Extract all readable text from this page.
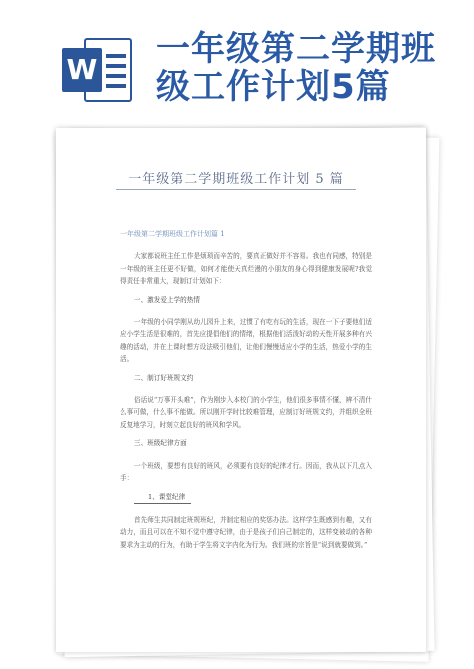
W
一年级第二学期班级工作计划5篇
一年级第二学期班级工作计划 5 篇

一年级第二学期班级工作计划篇 1

大家都说班主任工作是烦琐而辛苦的，要真正做好并不容易。我也有同感，特别是一年级的班主任更不好做，如何才能使天真烂漫的小朋友的身心得到健康发展呢?我觉得责任非常重大，现制订计划如下：

一、激发爱上学的热情

一年级的小同学刚从幼儿园升上来，过惯了有吃有玩的生活，现在一下子要他们适应小学生活是很难的，首先应提倡他们的情绪，根据他们活泼好动的天性开展多种有兴趣的活动，并在上课时想方设法吸引他们，让他们慢慢适应小学的生活，热爱小学的生活。

二、制订好班规文约

俗话说“万事开头难”，作为刚步入本校门的小学生，他们很多事情不懂，辨不清什么事可做，什么事不能做。所以刚开学时比较难管理，应制订好班规文约，并组织全班反复地学习，时刻立起良好的班风和学风。

三、班级纪律方面

一个班级，要想有良好的班风，必须要有良好的纪律才行。因而，我从以下几点入手：

1、课堂纪律

首先师生共同制定班规班纪，并制定相应的奖惩办法。这样学生既感到有趣，又有动力，而且可以在不知不觉中遵守纪律，由于是孩子们自己制定的，这样变被动的各种要求为主动的行为，有助于学生将文字内化为行为。我们班的宗旨是“说到就要做到。”
